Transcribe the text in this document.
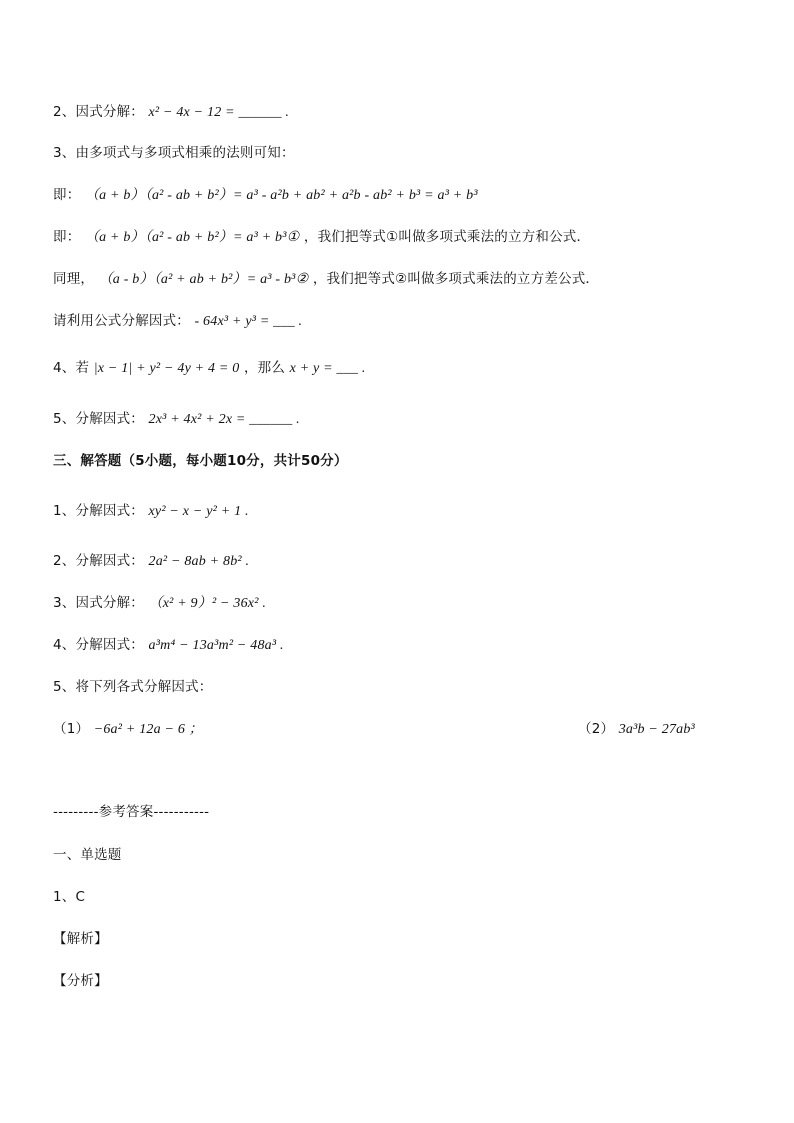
2、因式分解： x² − 4x − 12 = ______ .
3、由多项式与多项式相乘的法则可知：
即： （a + b）（a² - ab + b²）= a³ - a²b + ab² + a²b - ab² + b³ = a³ + b³
即： （a + b）（a² - ab + b²）= a³ + b³① ，我们把等式①叫做多项式乘法的立方和公式．
同理， （a - b）（a² + ab + b²）= a³ - b³② ，我们把等式②叫做多项式乘法的立方差公式．
请利用公式分解因式： - 64x³ + y³ = ___ .
4、若 |x − 1| + y² − 4y + 4 = 0 ，那么 x + y = ___ .
5、分解因式： 2x³ + 4x² + 2x = ______ .
三、解答题（5小题，每小题10分，共计50分）
1、分解因式： xy² − x − y² + 1 .
2、分解因式： 2a² − 8ab + 8b² .
3、因式分解： （x² + 9）² − 36x² .
4、分解因式： a³m⁴ − 13a³m² − 48a³ .
5、将下列各式分解因式：
（1） −6a² + 12a − 6 ；	（2） 3a³b − 27ab³
---------参考答案-----------
一、单选题
1、C
【解析】
【分析】
